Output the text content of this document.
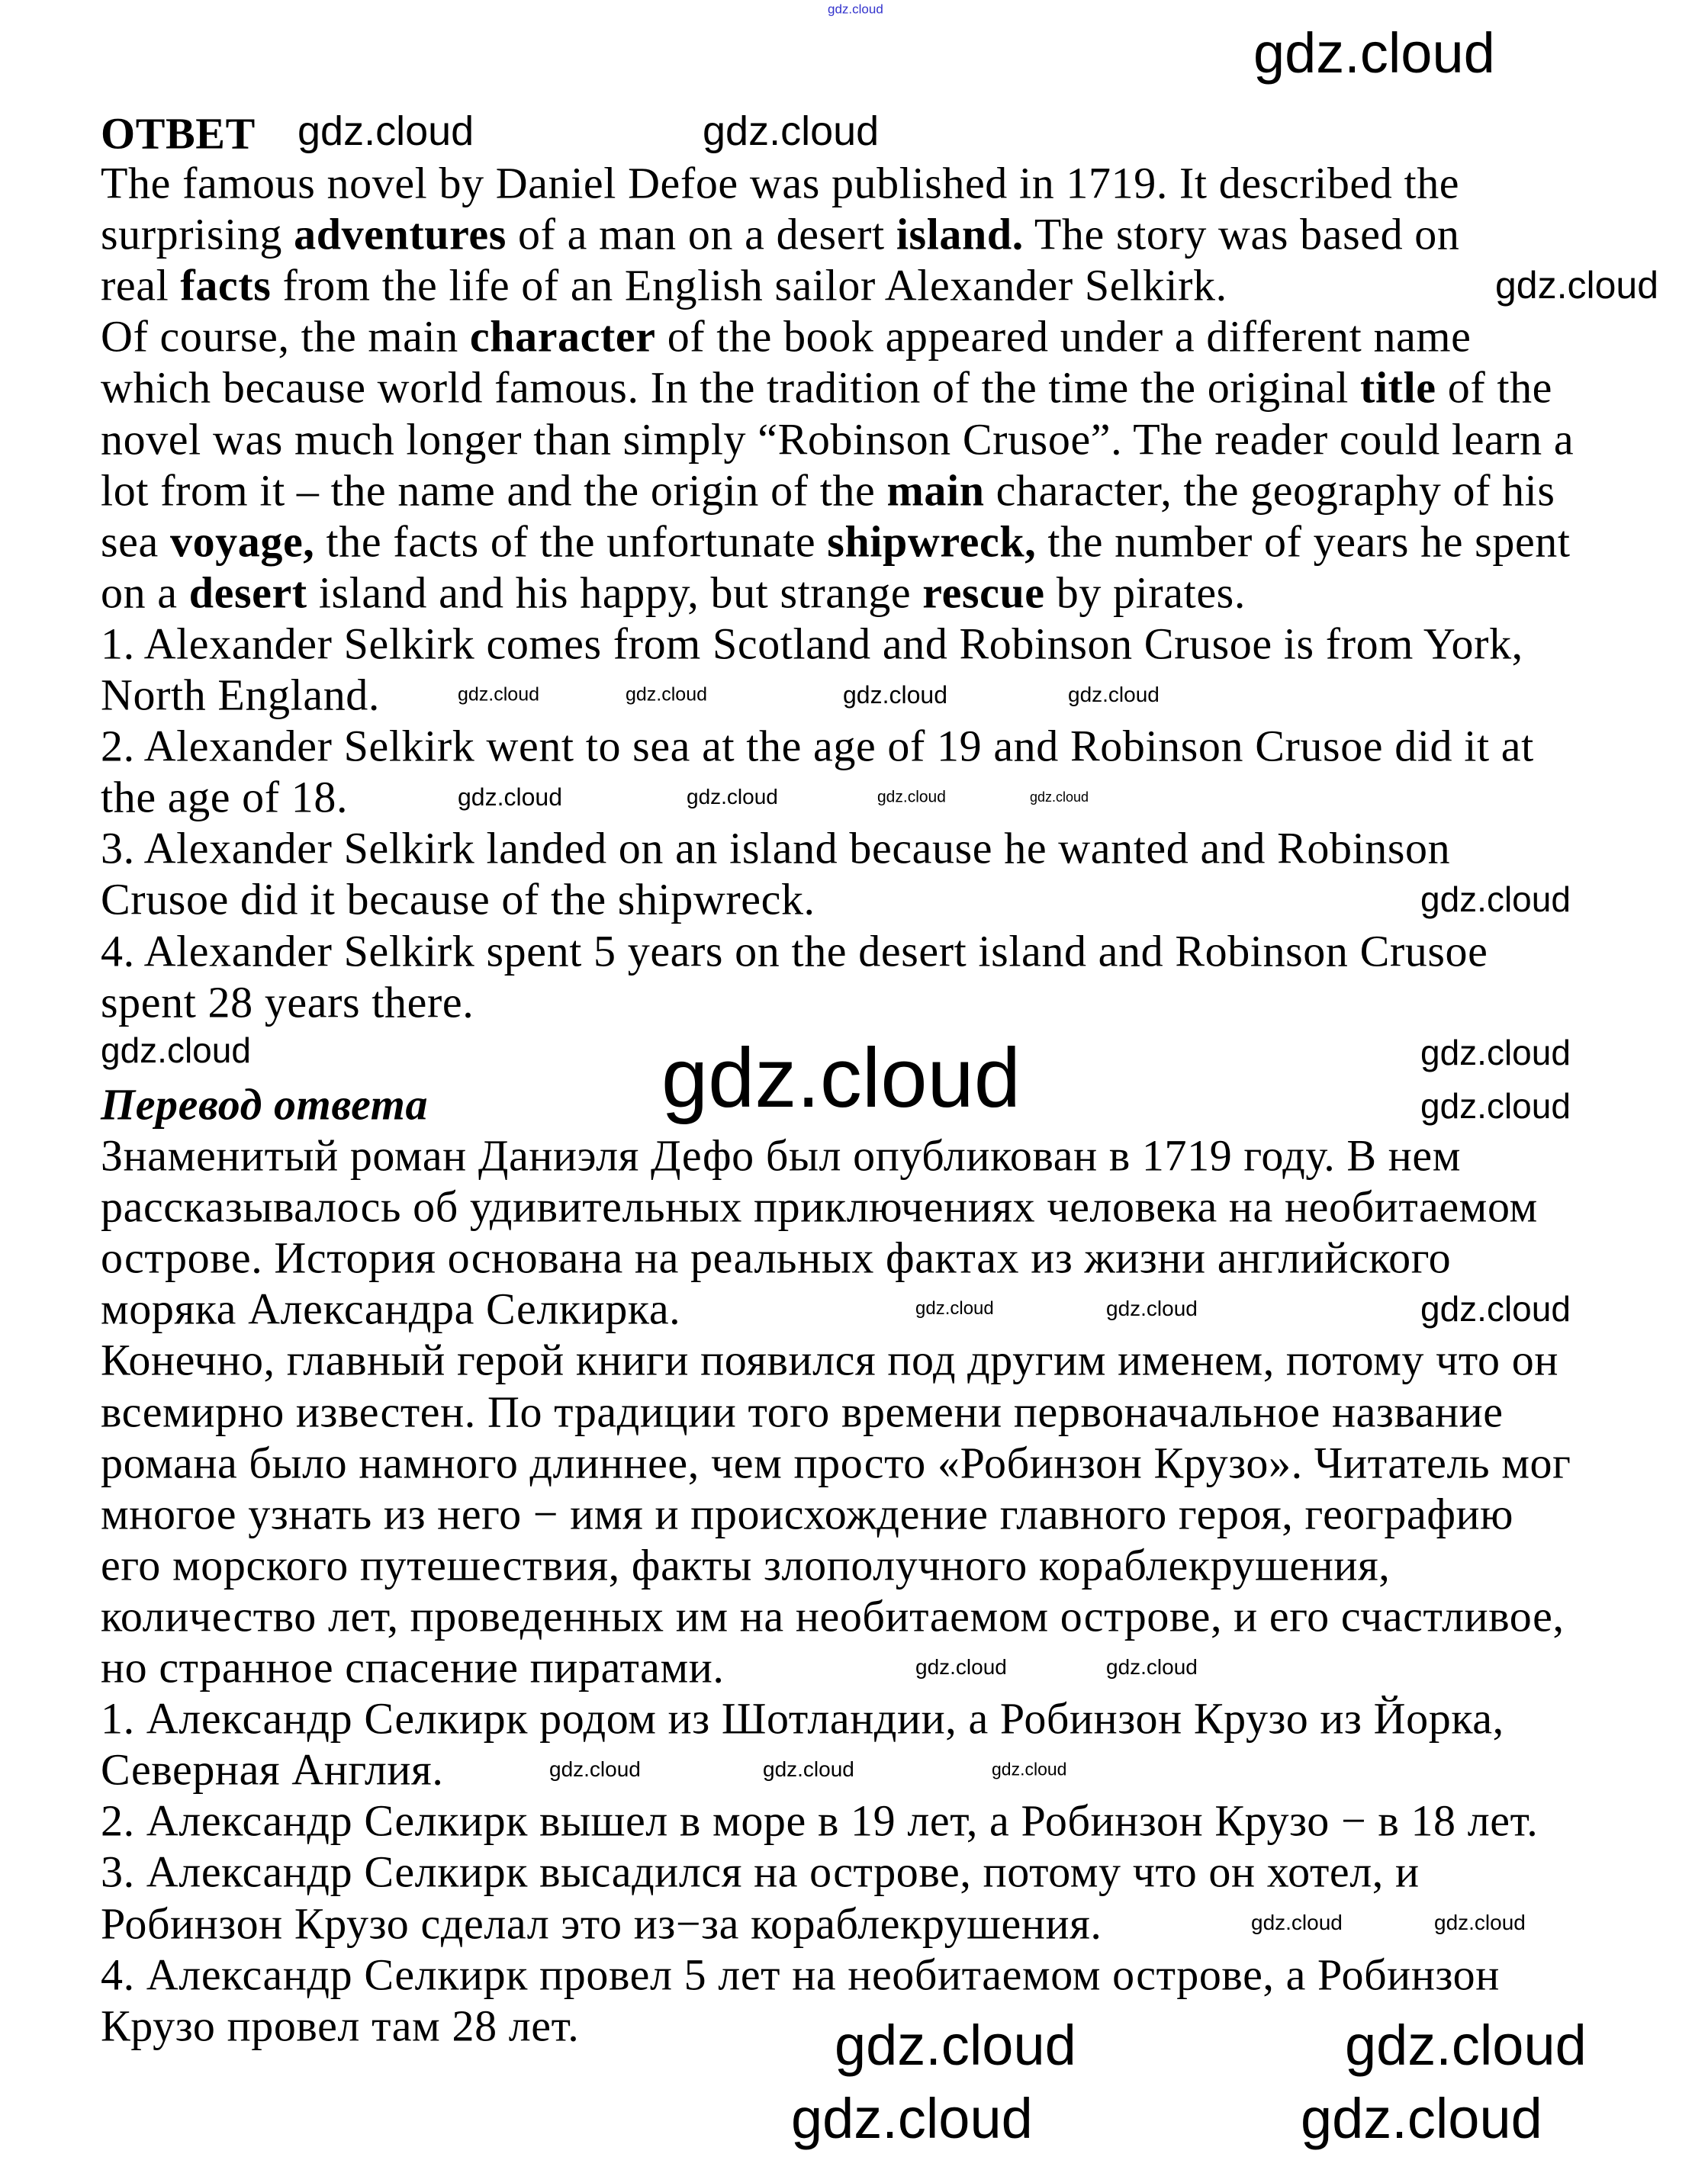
ОТВЕТ
The famous novel by Daniel Defoe was published in 1719. It described the
surprising adventures of a man on a desert island. The story was based on
real facts from the life of an English sailor Alexander Selkirk.
Of course, the main character of the book appeared under a different name
which because world famous. In the tradition of the time the original title of the
novel was much longer than simply “Robinson Crusoe”. The reader could learn a
lot from it – the name and the origin of the main character, the geography of his
sea voyage, the facts of the unfortunate shipwreck, the number of years he spent
on a desert island and his happy, but strange rescue by pirates.
1. Alexander Selkirk comes from Scotland and Robinson Crusoe is from York,
North England.
2. Alexander Selkirk went to sea at the age of 19 and Robinson Crusoe did it at
the age of 18.
3. Alexander Selkirk landed on an island because he wanted and Robinson
Crusoe did it because of the shipwreck.
4. Alexander Selkirk spent 5 years on the desert island and Robinson Crusoe
spent 28 years there.
Перевод ответа
Знаменитый роман Даниэля Дефо был опубликован в 1719 году. В нем
рассказывалось об удивительных приключениях человека на необитаемом
острове. История основана на реальных фактах из жизни английского
моряка Александра Селкирка.
Конечно, главный герой книги появился под другим именем, потому что он
всемирно известен. По традиции того времени первоначальное название
романа было намного длиннее, чем просто «Робинзон Крузо». Читатель мог
многое узнать из него − имя и происхождение главного героя, географию
его морского путешествия, факты злополучного кораблекрушения,
количество лет, проведенных им на необитаемом острове, и его счастливое,
но странное спасение пиратами.
1. Александр Селкирк родом из Шотландии, а Робинзон Крузо из Йорка,
Северная Англия.
2. Александр Селкирк вышел в море в 19 лет, а Робинзон Крузо − в 18 лет.
3. Александр Селкирк высадился на острове, потому что он хотел, и
Робинзон Крузо сделал это из−за кораблекрушения.
4. Александр Селкирк провел 5 лет на необитаемом острове, а Робинзон
Крузо провел там 28 лет.
gdz.cloud
gdz.cloud
gdz.cloud	gdz.cloud
gdz.cloud
gdz.cloud	gdz.cloud	gdz.cloud	gdz.cloud
gdz.cloud	gdz.cloud	gdz.cloud	gdz.cloud
gdz.cloud
gdz.cloud	gdz.cloud	gdz.cloud
gdz.cloud
gdz.cloud	gdz.cloud	gdz.cloud
gdz.cloud	gdz.cloud
gdz.cloud	gdz.cloud	gdz.cloud
gdz.cloud	gdz.cloud
gdz.cloud	gdz.cloud
gdz.cloud	gdz.cloud
